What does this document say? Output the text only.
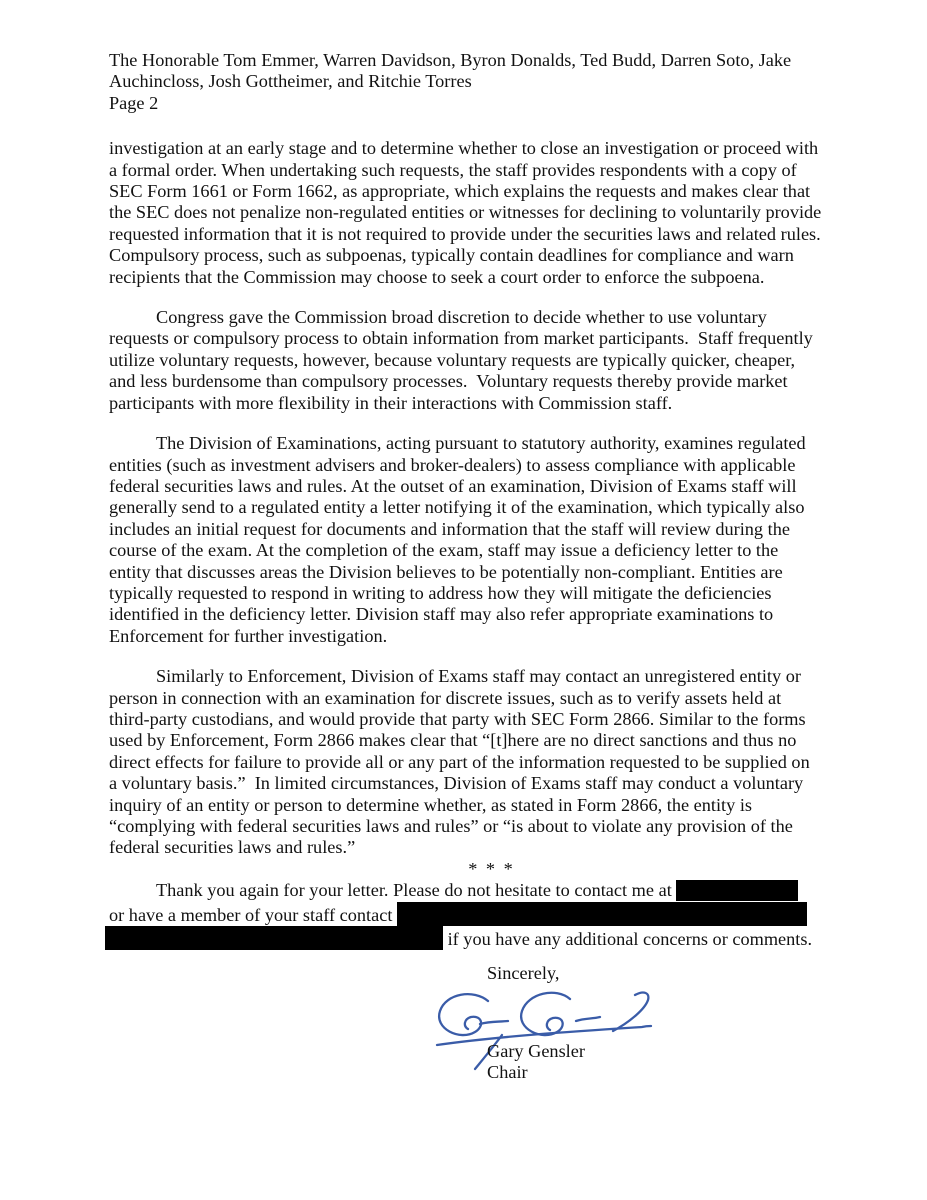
The Honorable Tom Emmer, Warren Davidson, Byron Donalds, Ted Budd, Darren Soto, Jake
Auchincloss, Josh Gottheimer, and Ritchie Torres
Page 2
investigation at an early stage and to determine whether to close an investigation or proceed with
a formal order. When undertaking such requests, the staff provides respondents with a copy of
SEC Form 1661 or Form 1662, as appropriate, which explains the requests and makes clear that
the SEC does not penalize non-regulated entities or witnesses for declining to voluntarily provide
requested information that it is not required to provide under the securities laws and related rules.
Compulsory process, such as subpoenas, typically contain deadlines for compliance and warn
recipients that the Commission may choose to seek a court order to enforce the subpoena.
Congress gave the Commission broad discretion to decide whether to use voluntary
requests or compulsory process to obtain information from market participants.  Staff frequently
utilize voluntary requests, however, because voluntary requests are typically quicker, cheaper,
and less burdensome than compulsory processes.  Voluntary requests thereby provide market
participants with more flexibility in their interactions with Commission staff.
The Division of Examinations, acting pursuant to statutory authority, examines regulated
entities (such as investment advisers and broker-dealers) to assess compliance with applicable
federal securities laws and rules. At the outset of an examination, Division of Exams staff will
generally send to a regulated entity a letter notifying it of the examination, which typically also
includes an initial request for documents and information that the staff will review during the
course of the exam. At the completion of the exam, staff may issue a deficiency letter to the
entity that discusses areas the Division believes to be potentially non-compliant. Entities are
typically requested to respond in writing to address how they will mitigate the deficiencies
identified in the deficiency letter. Division staff may also refer appropriate examinations to
Enforcement for further investigation.
Similarly to Enforcement, Division of Exams staff may contact an unregistered entity or
person in connection with an examination for discrete issues, such as to verify assets held at
third-party custodians, and would provide that party with SEC Form 2866. Similar to the forms
used by Enforcement, Form 2866 makes clear that “[t]here are no direct sanctions and thus no
direct effects for failure to provide all or any part of the information requested to be supplied on
a voluntary basis.”  In limited circumstances, Division of Exams staff may conduct a voluntary
inquiry of an entity or person to determine whether, as stated in Form 2866, the entity is
“complying with federal securities laws and rules” or “is about to violate any provision of the
federal securities laws and rules.”
* * *
Thank you again for your letter. Please do not hesitate to contact me at
or have a member of your staff contact
if you have any additional concerns or comments.
Sincerely,
Gary Gensler
Chair
